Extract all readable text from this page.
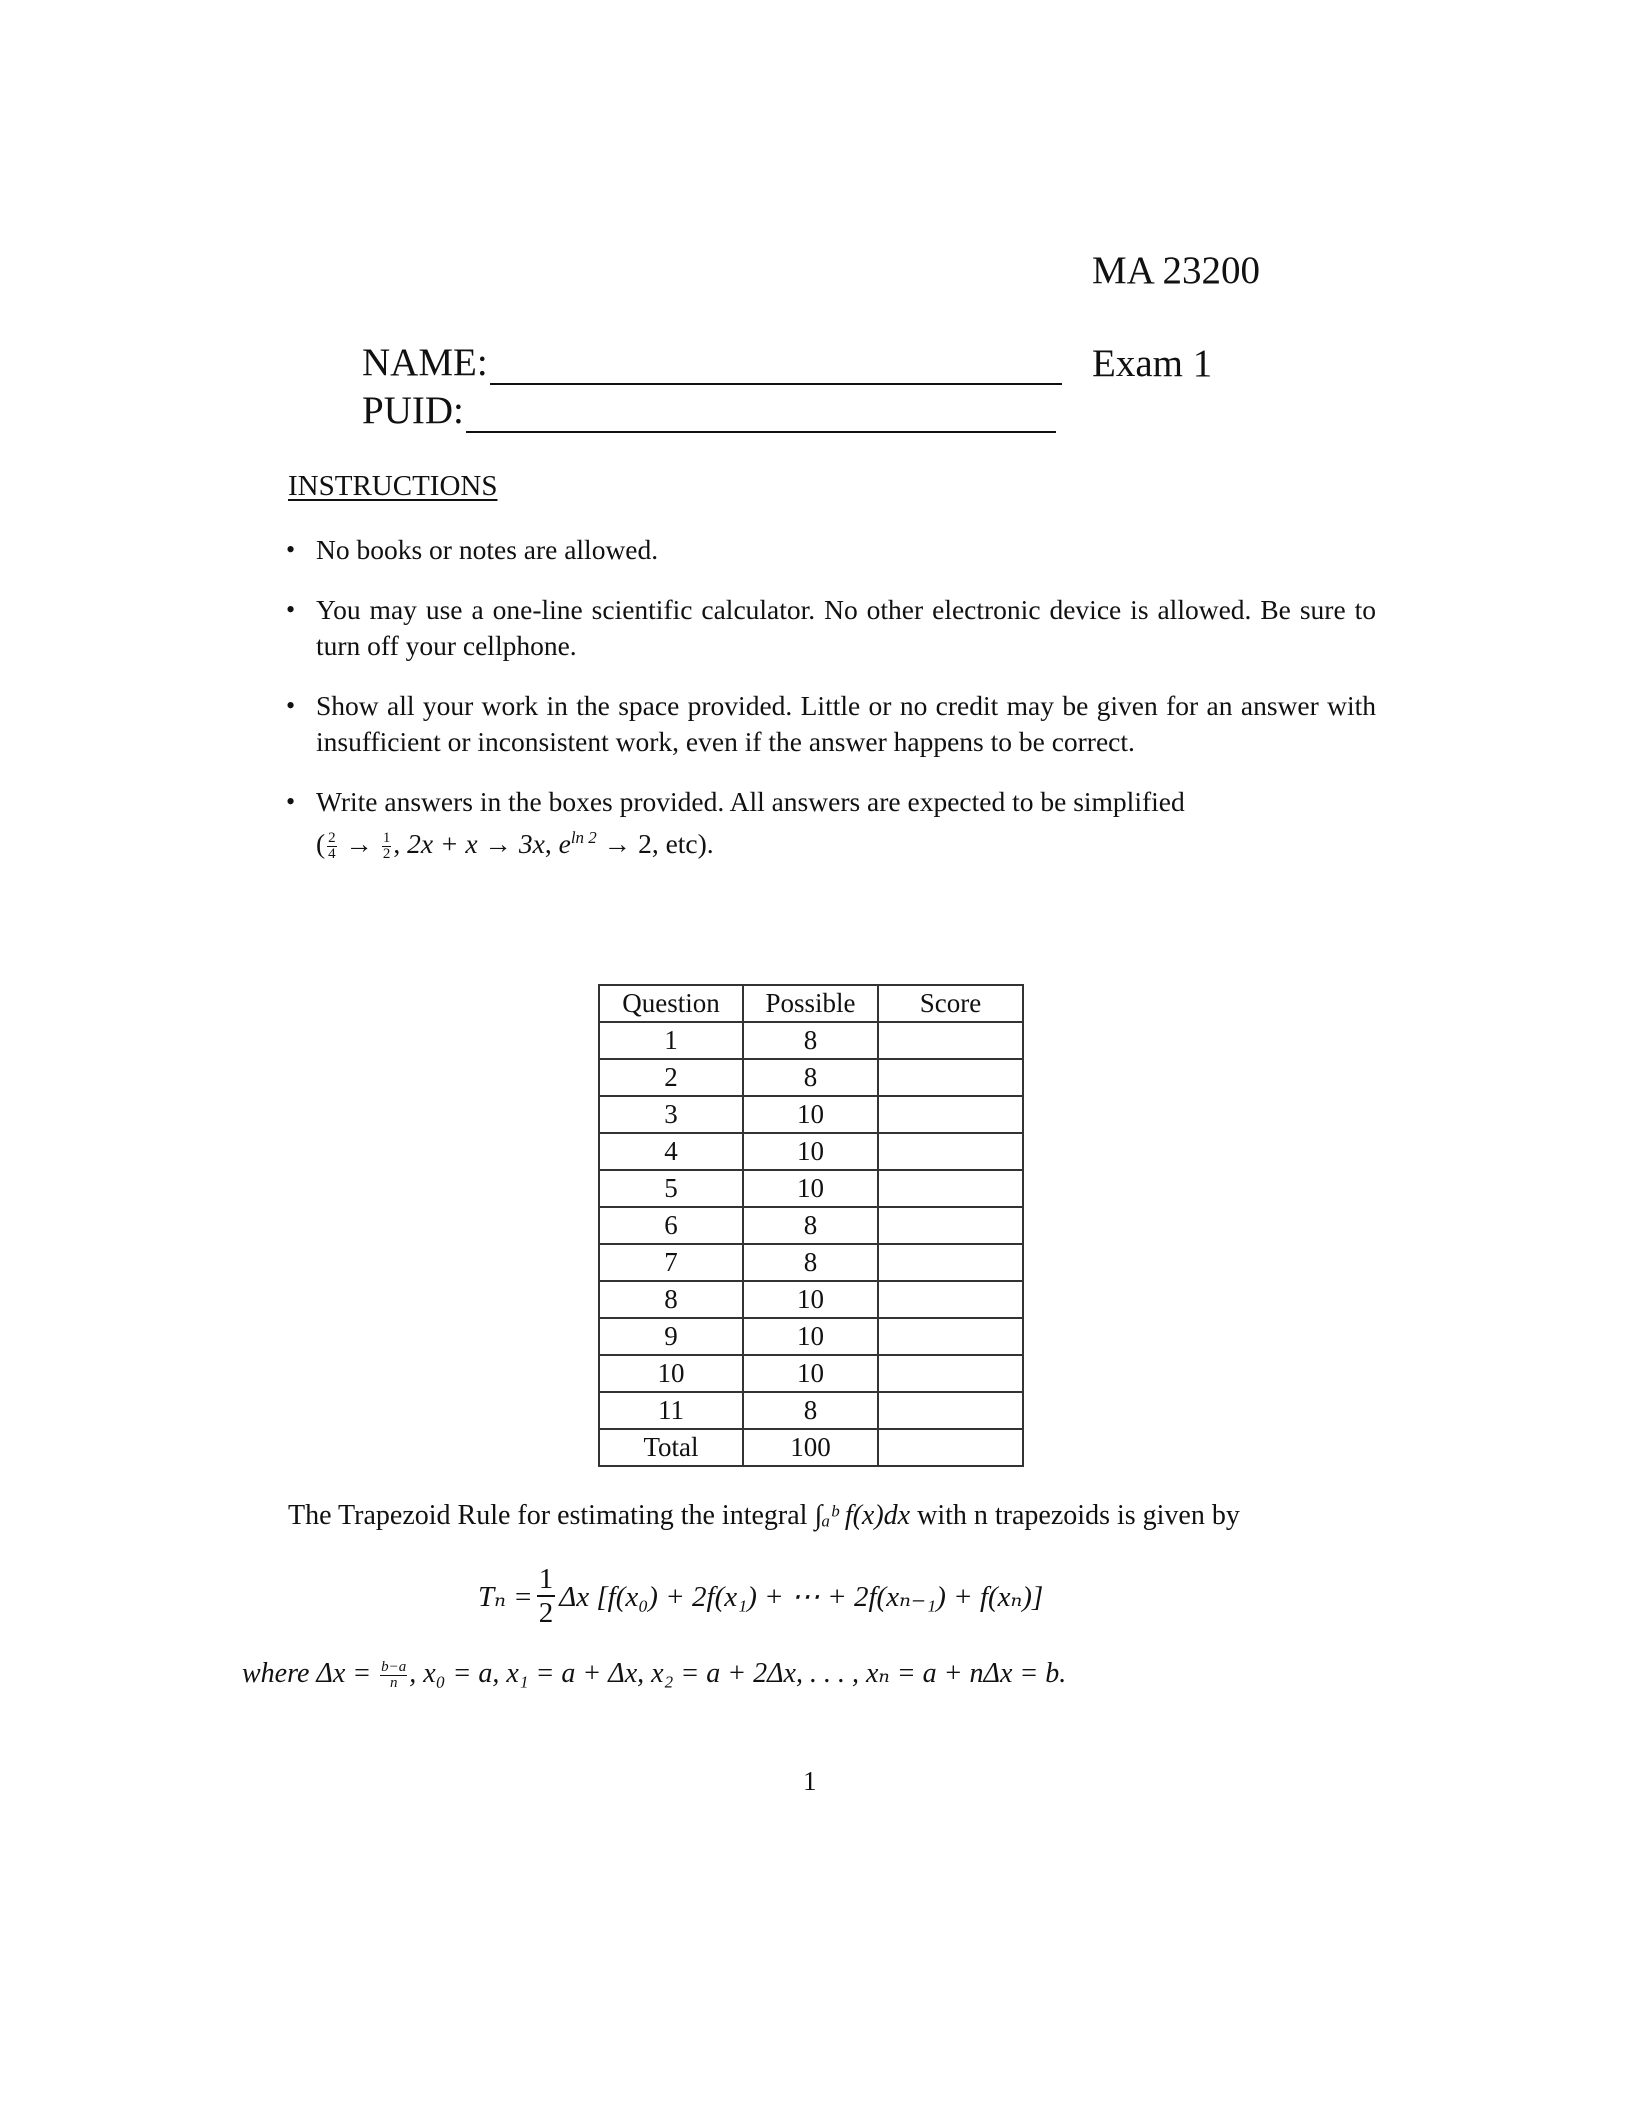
MA 23200
Exam 1
NAME:
PUID:
INSTRUCTIONS
• No books or notes are allowed.
• You may use a one-line scientific calculator. No other electronic device is allowed. Be sure to turn off your cellphone.
• Show all your work in the space provided. Little or no credit may be given for an answer with insufficient or inconsistent work, even if the answer happens to be correct.
• Write answers in the boxes provided. All answers are expected to be simplified
( $\frac{2}{4} \to \frac{1}{2}$ , 2x + x → 3x, $e^{ln 2} \to 2$, etc).
Question	Possible	Score
1	8	
2	8	
3	10	
4	10	
5	10	
6	8	
7	8	
8	10	
9	10	
10	10	
11	8	
Total	100	
The Trapezoid Rule for estimating the integral ∫ₐᵇ f(x)dx with n trapezoids is given by
$T_n = \frac{1}{2}$ Δx [f(x₀) + 2f(x₁) + ⋯ + 2f(xₙ₋₁) + f(xₙ)]
where $\Delta x = \frac{b-a}{n}$ , x₀ = a, x₁ = a + Δx, x₂ = a + 2Δx, . . . , xₙ = a + nΔx = b.
1
